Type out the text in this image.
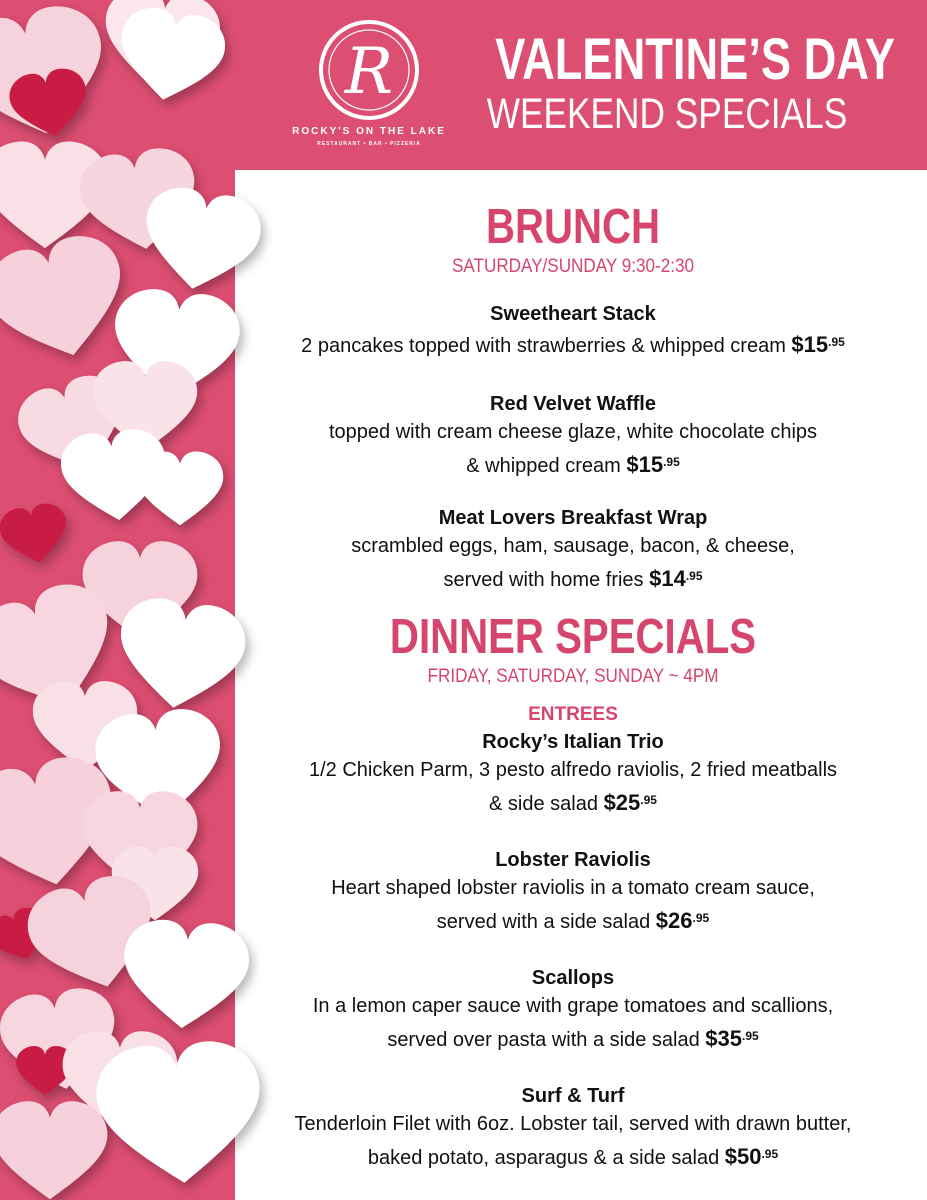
R
ROCKY'S ON THE LAKE
RESTAURANT • BAR • PIZZERIA
VALENTINE’S DAY
WEEKEND SPECIALS
BRUNCH
SATURDAY/SUNDAY 9:30-2:30
Sweetheart Stack
2 pancakes topped with strawberries & whipped cream $\$15^{.95}$
Red Velvet Waffle
topped with cream cheese glaze, white chocolate chips
& whipped cream $\$15^{.95}$
Meat Lovers Breakfast Wrap
scrambled eggs, ham, sausage, bacon, & cheese,
served with home fries $\$14^{.95}$
DINNER SPECIALS
FRIDAY, SATURDAY, SUNDAY ~ 4PM
ENTREES
Rocky’s Italian Trio
1/2 Chicken Parm, 3 pesto alfredo raviolis, 2 fried meatballs
& side salad $\$25^{.95}$
Lobster Raviolis
Heart shaped lobster raviolis in a tomato cream sauce,
served with a side salad $\$26^{.95}$
Scallops
In a lemon caper sauce with grape tomatoes and scallions,
served over pasta with a side salad $\$35^{.95}$
Surf & Turf
Tenderloin Filet with 6oz. Lobster tail, served with drawn butter,
baked potato, asparagus & a side salad $\$50^{.95}$
